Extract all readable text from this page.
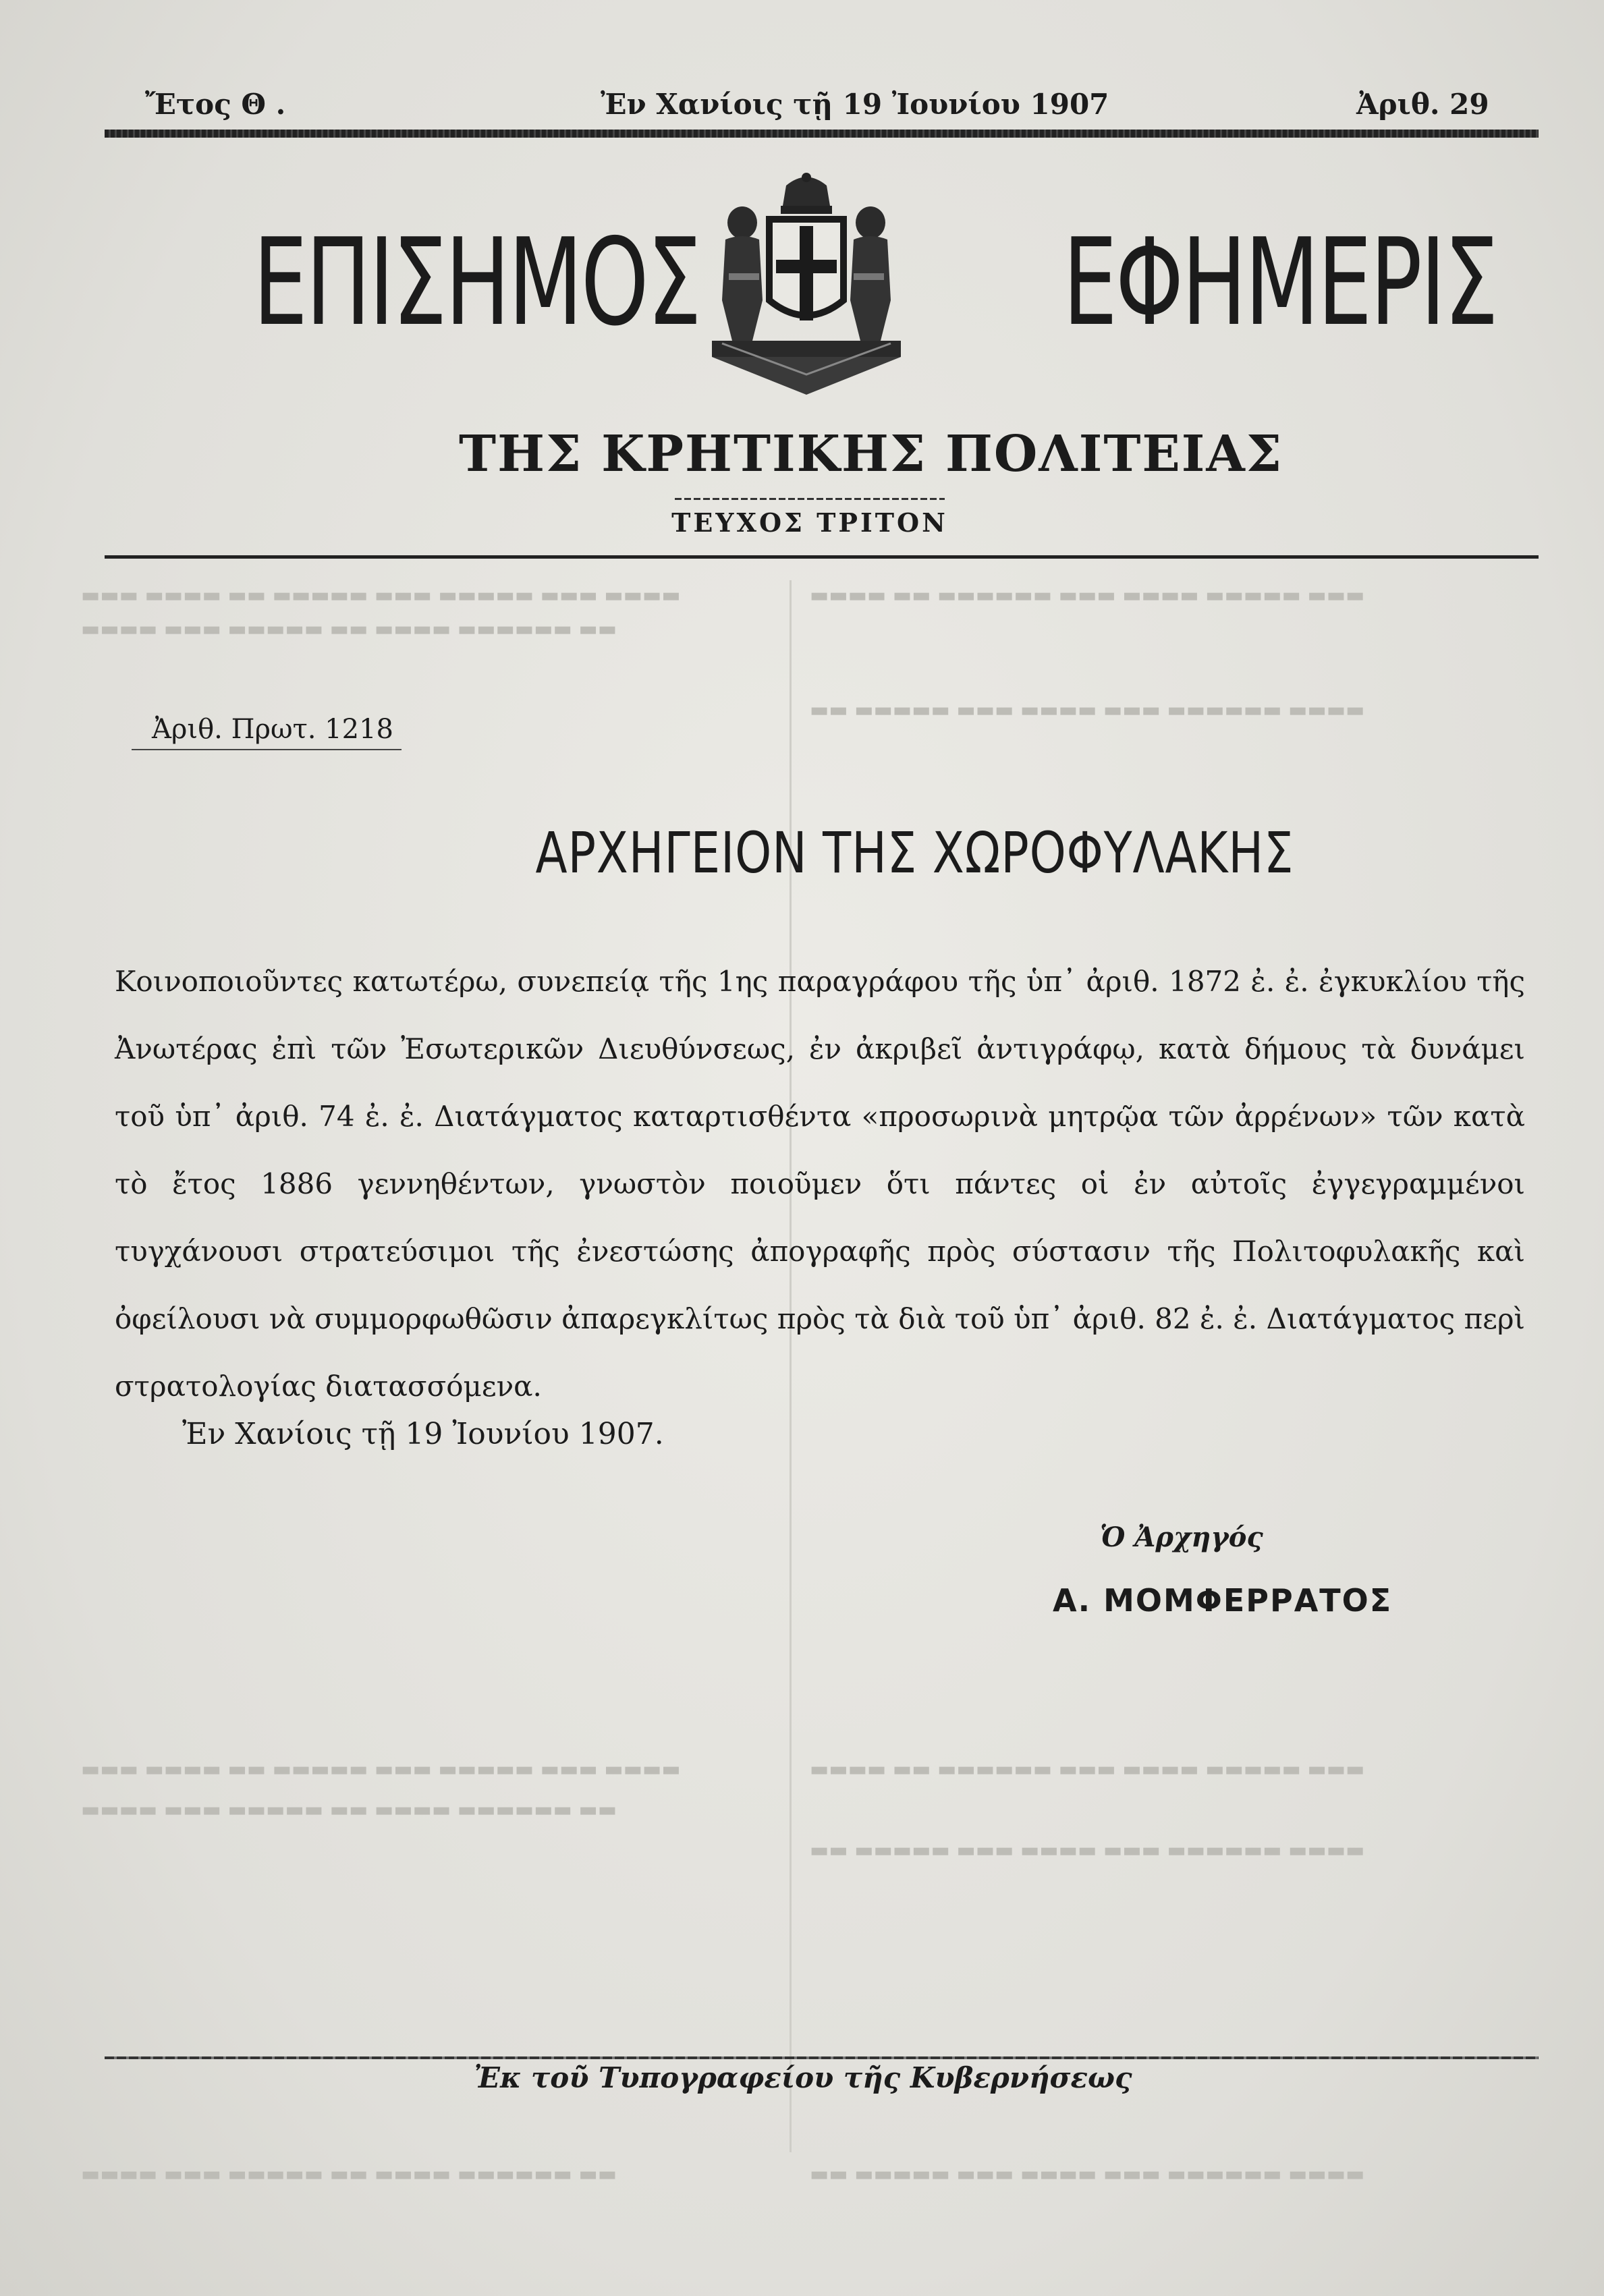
▬▬▬ ▬▬▬▬ ▬▬ ▬▬▬▬▬ ▬▬▬ ▬▬▬▬▬ ▬▬▬ ▬▬▬▬
▬▬▬▬ ▬▬▬ ▬▬▬▬▬ ▬▬ ▬▬▬▬ ▬▬▬▬▬▬ ▬▬
▬▬▬▬ ▬▬ ▬▬▬▬▬▬ ▬▬▬ ▬▬▬▬ ▬▬▬▬▬ ▬▬▬
▬▬ ▬▬▬▬▬ ▬▬▬ ▬▬▬▬ ▬▬▬ ▬▬▬▬▬▬ ▬▬▬▬
▬▬▬ ▬▬▬▬ ▬▬ ▬▬▬▬▬ ▬▬▬ ▬▬▬▬▬ ▬▬▬ ▬▬▬▬
▬▬▬▬ ▬▬▬ ▬▬▬▬▬ ▬▬ ▬▬▬▬ ▬▬▬▬▬▬ ▬▬
▬▬▬▬ ▬▬ ▬▬▬▬▬▬ ▬▬▬ ▬▬▬▬ ▬▬▬▬▬ ▬▬▬
▬▬ ▬▬▬▬▬ ▬▬▬ ▬▬▬▬ ▬▬▬ ▬▬▬▬▬▬ ▬▬▬▬
▬▬▬▬ ▬▬▬ ▬▬▬▬▬ ▬▬ ▬▬▬▬ ▬▬▬▬▬▬ ▬▬	▬▬ ▬▬▬▬▬ ▬▬▬ ▬▬▬▬ ▬▬▬ ▬▬▬▬▬▬ ▬▬▬▬
Ἔτος Θ .	Ἐν Χανίοις τῇ 19 Ἰουνίου 1907	Ἀριθ. 29
ΕΠΙΣΗΜΟΣ	ΕΦΗΜΕΡΙΣ
ΤΗΣ ΚΡΗΤΙΚΗΣ ΠΟΛΙΤΕΙΑΣ
ΤΕΥΧΟΣ ΤΡΙΤΟΝ
Ἀριθ. Πρωτ. 1218
ΑΡΧΗΓΕΙΟΝ ΤΗΣ ΧΩΡΟΦΥΛΑΚΗΣ
Κοινοποιοῦντες κατωτέρω, συνεπείᾳ τῆς 1ης παραγράφου τῆς ὑπ᾽ ἀριθ. 1872 ἐ. ἐ. ἐγκυκλίου τῆς Ἀνωτέρας ἐπὶ τῶν Ἐσωτερικῶν Διευθύνσεως, ἐν ἀκριβεῖ ἀντιγράφῳ, κατὰ δήμους τὰ δυνάμει τοῦ ὑπ᾽ ἀριθ. 74 ἐ. ἐ. Διατάγματος καταρτισθέντα «προσωρινὰ μητρῷα τῶν ἀρρένων» τῶν κατὰ τὸ ἔτος 1886 γεννηθέντων, γνωστὸν ποιοῦμεν ὅτι πάντες οἱ ἐν αὐτοῖς ἐγγεγραμμένοι τυγχάνουσι στρατεύσιμοι τῆς ἐνεστώσης ἀπογραφῆς πρὸς σύστασιν τῆς Πολιτοφυλακῆς καὶ ὀφείλουσι νὰ συμμορφωθῶσιν ἀπαρεγκλίτως πρὸς τὰ διὰ τοῦ ὑπ᾽ ἀριθ. 82 ἐ. ἐ. Διατάγματος περὶ στρατολογίας διατασσόμενα.
Ἐν Χανίοις τῇ 19 Ἰουνίου 1907.
Ὁ Ἀρχηγός
Α. ΜΟΜΦΕΡΡΑΤΟΣ
Ἐκ τοῦ Τυπογραφείου τῆς Κυβερνήσεως
